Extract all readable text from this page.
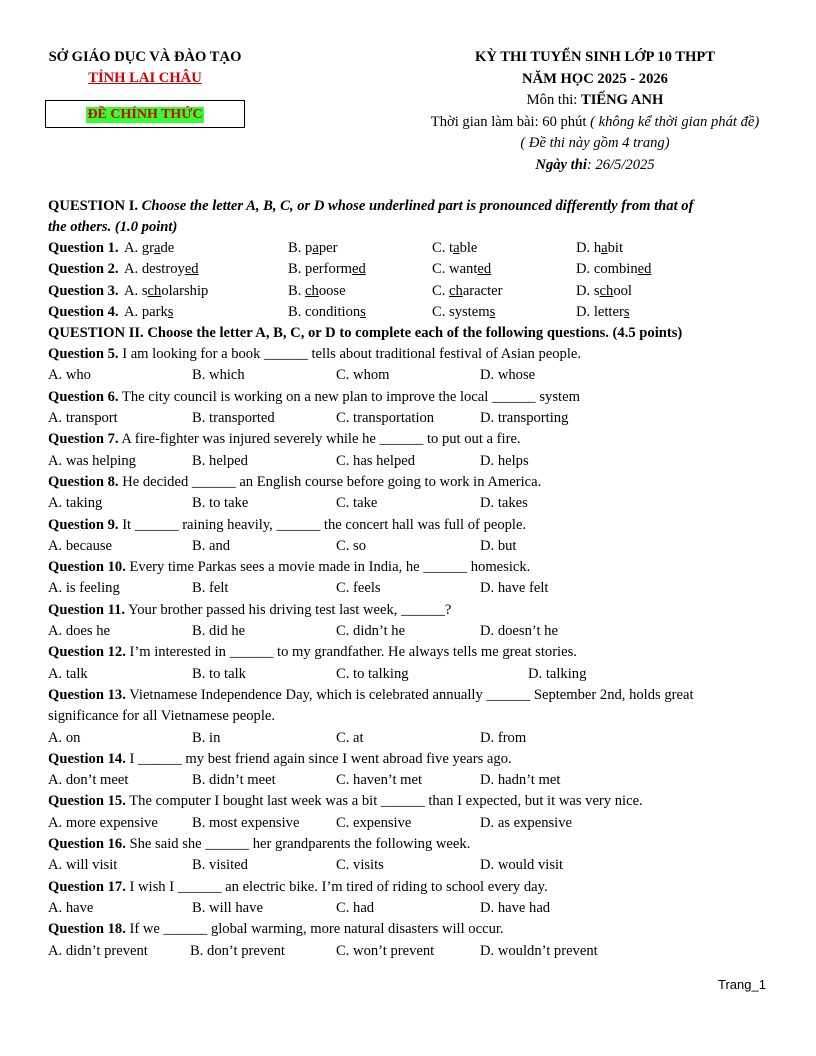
SỞ GIÁO DỤC VÀ ĐÀO TẠO
TỈNH LAI CHÂU
ĐỀ CHÍNH THỨC
KỲ THI TUYỂN SINH LỚP 10 THPT
NĂM HỌC 2025 - 2026
Môn thi: TIẾNG ANH
Thời gian làm bài: 60 phút ( không kể thời gian phát đề)
( Đề thi này gồm 4 trang)
Ngày thi: 26/5/2025
QUESTION I. Choose the letter A, B, C, or D whose underlined part is pronounced differently from that of
the others. (1.0 point)
Question 1. A. grade	B. paper	C. table	D. habit
Question 2. A. destroyed	B. performed	C. wanted	D. combined
Question 3. A. scholarship	B. choose	C. character	D. school
Question 4. A. parks	B. conditions	C. systems	D. letters
QUESTION II. Choose the letter A, B, C, or D to complete each of the following questions. (4.5 points)
Question 5. I am looking for a book ______ tells about traditional festival of Asian people.
A. who	B. which	C. whom	D. whose
Question 6. The city council is working on a new plan to improve the local ______ system
A. transport	B. transported	C. transportation	D. transporting
Question 7. A fire-fighter was injured severely while he ______ to put out a fire.
A. was helping	B. helped	C. has helped	D. helps
Question 8. He decided ______ an English course before going to work in America.
A. taking	B. to take	C. take	D. takes
Question 9. It ______ raining heavily, ______ the concert hall was full of people.
A. because	B. and	C. so	D. but
Question 10. Every time Parkas sees a movie made in India, he ______ homesick.
A. is feeling	B. felt	C. feels	D. have felt
Question 11. Your brother passed his driving test last week, ______?
A. does he	B. did he	C. didn’t he	D. doesn’t he
Question 12. I’m interested in ______ to my grandfather. He always tells me great stories.
A. talk	B. to talk	C. to talking	D. talking
Question 13. Vietnamese Independence Day, which is celebrated annually ______ September 2nd, holds great
significance for all Vietnamese people.
A. on	B. in	C. at	D. from
Question 14. I ______ my best friend again since I went abroad five years ago.
A. don’t meet	B. didn’t meet	C. haven’t met	D. hadn’t met
Question 15. The computer I bought last week was a bit ______ than I expected, but it was very nice.
A. more expensive B. most expensive	C. expensive	D. as expensive
Question 16. She said she ______ her grandparents the following week.
A. will visit	B. visited	C. visits	D. would visit
Question 17. I wish I ______ an electric bike. I’m tired of riding to school every day.
A. have	B. will have	C. had	D. have had
Question 18. If we ______ global warming, more natural disasters will occur.
A. didn’t prevent	B. don’t prevent	C. won’t prevent	D. wouldn’t prevent
Trang_1
